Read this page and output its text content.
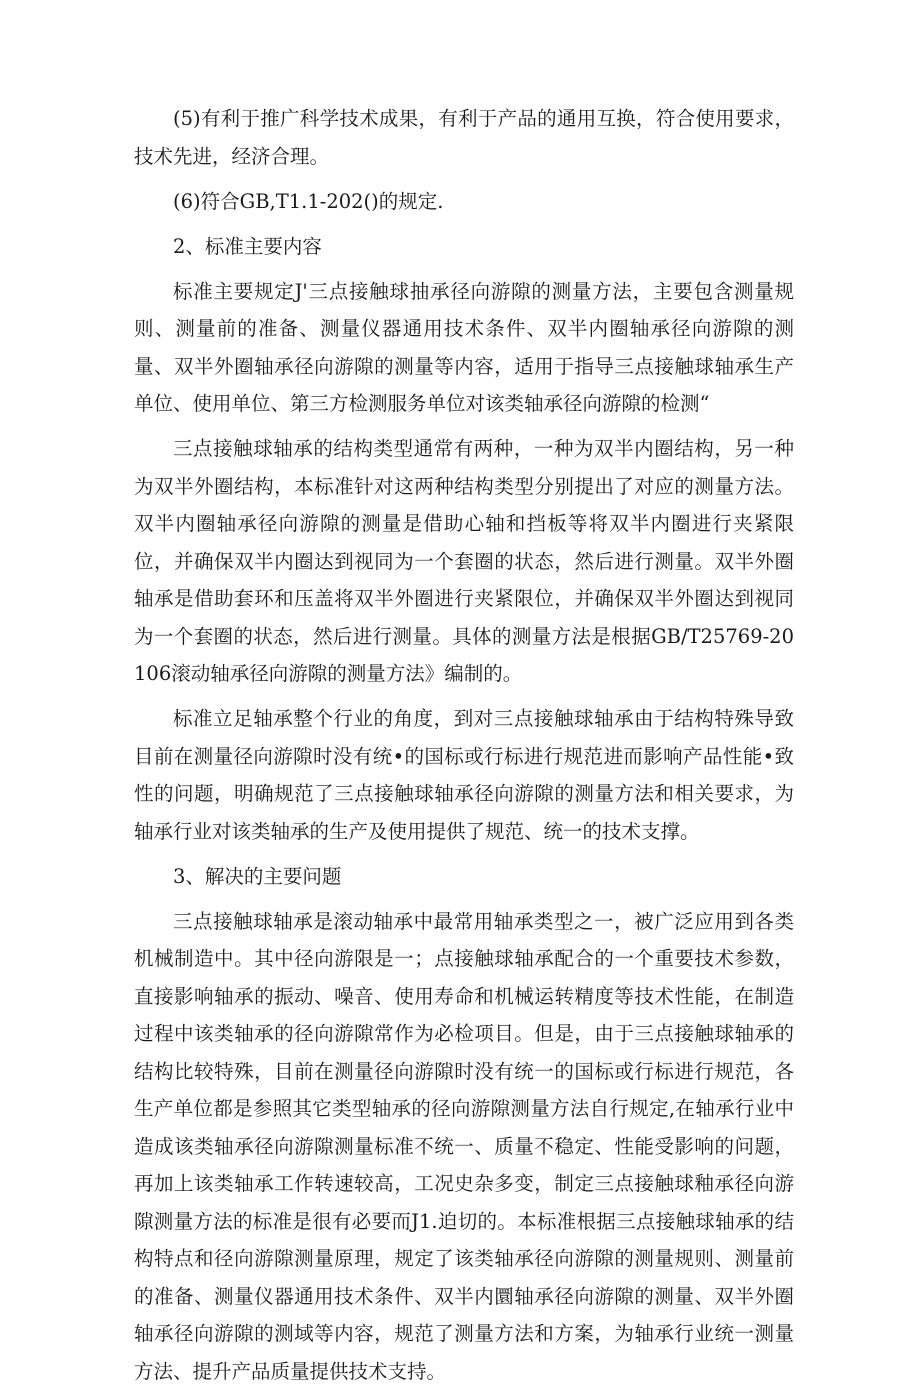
(5)有利于推广科学技术成果，有利于产品的通用互换，符合使用要求，技术先进，经济合理。

(6)符合GB,T1.1-202()的规定.

2、标准主要内容

标准主要规定J'三点接触球抽承径向游隙的测量方法，主要包含测量规则、测量前的准备、测量仪器通用技术条件、双半内圈轴承径向游隙的测量、双半外圈轴承径向游隙的测量等内容，适用于指导三点接触球轴承生产单位、使用单位、第三方检测服务单位对该类轴承径向游隙的检测“

三点接触球轴承的结构类型通常有两种，一种为双半内圈结构，另一种为双半外圈结构，本标准针对这两种结构类型分别提出了对应的测量方法。双半内圈轴承径向游隙的测量是借助心轴和挡板等将双半内圈进行夹紧限位，并确保双半内圈达到视同为一个套圈的状态，然后进行测量。双半外圈轴承是借助套环和压盖将双半外圈进行夹紧限位，并确保双半外圈达到视同为一个套圈的状态，然后进行测量。具体的测量方法是根据GB/T25769-20106滚动轴承径向游隙的测量方法》编制的。

标准立足轴承整个行业的角度，到对三点接触球轴承由于结构特殊导致目前在测量径向游隙时没有统•的国标或行标进行规范进而影响产品性能•致性的问题，明确规范了三点接触球轴承径向游隙的测量方法和相关要求，为轴承行业对该类轴承的生产及使用提供了规范、统一的技术支撑。

3、解决的主要问题

三点接触球轴承是滚动轴承中最常用轴承类型之一，被广泛应用到各类机械制造中。其中径向游限是一；点接触球轴承配合的一个重要技术参数，直接影响轴承的振动、噪音、使用寿命和机械运转精度等技术性能，在制造过程中该类轴承的径向游隙常作为必检项目。但是，由于三点接触球轴承的结构比较特殊，目前在测量径向游隙时没有统一的国标或行标进行规范，各生产单位都是参照其它类型轴承的径向游隙测量方法自行规定,在轴承行业中造成该类轴承径向游隙测量标准不统一、质量不稳定、性能受影响的问题，再加上该类轴承工作转速较高，工况史杂多变，制定三点接触球釉承径向游隙测量方法的标准是很有必要而J1.迫切的。本标准根据三点接触球轴承的结构特点和径向游隙测量原理，规定了该类轴承径向游隙的测量规则、测量前的准备、测量仪器通用技术条件、双半内圜轴承径向游隙的测量、双半外圈轴承径向游隙的测域等内容，规范了测量方法和方案，为轴承行业统一测量方法、提升产品质量提供技术支持。
